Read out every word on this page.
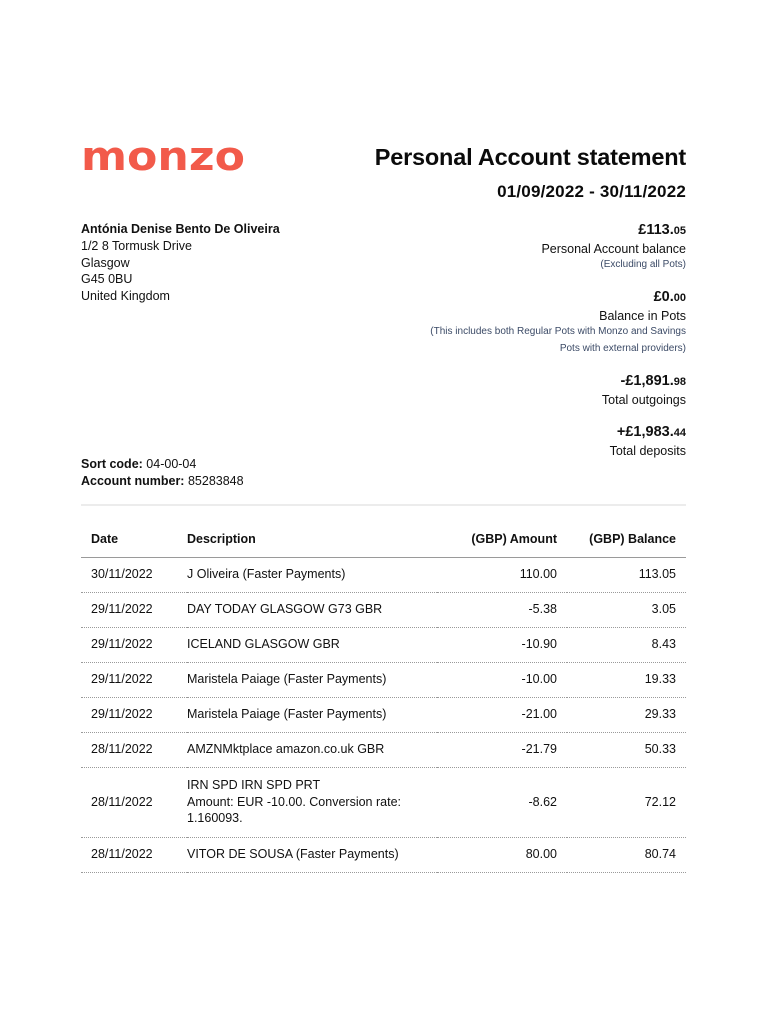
monzo	Personal Account statement
01/09/2022 - 30/11/2022
Antónia Denise Bento De Oliveira
1/2 8 Tormusk Drive
Glasgow
G45 0BU
United Kingdom
£113.05
Personal Account balance
(Excluding all Pots)
£0.00
Balance in Pots
(This includes both Regular Pots with Monzo and Savings
Pots with external providers)
-£1,891.98
Total outgoings
+£1,983.44
Total deposits
Sort code: 04-00-04
Account number: 85283848
Date	Description	(GBP) Amount	(GBP) Balance
30/11/2022	J Oliveira (Faster Payments)	110.00	113.05
29/11/2022	DAY TODAY GLASGOW G73 GBR	-5.38	3.05
29/11/2022	ICELAND GLASGOW GBR	-10.90	8.43
29/11/2022	Maristela Paiage (Faster Payments)	-10.00	19.33
29/11/2022	Maristela Paiage (Faster Payments)	-21.00	29.33
28/11/2022	AMZNMktplace amazon.co.uk GBR	-21.79	50.33
28/11/2022	IRN SPD IRN SPD PRT
Amount: EUR -10.00. Conversion rate:
1.160093.	-8.62	72.12
28/11/2022	VITOR DE SOUSA (Faster Payments)	80.00	80.74
